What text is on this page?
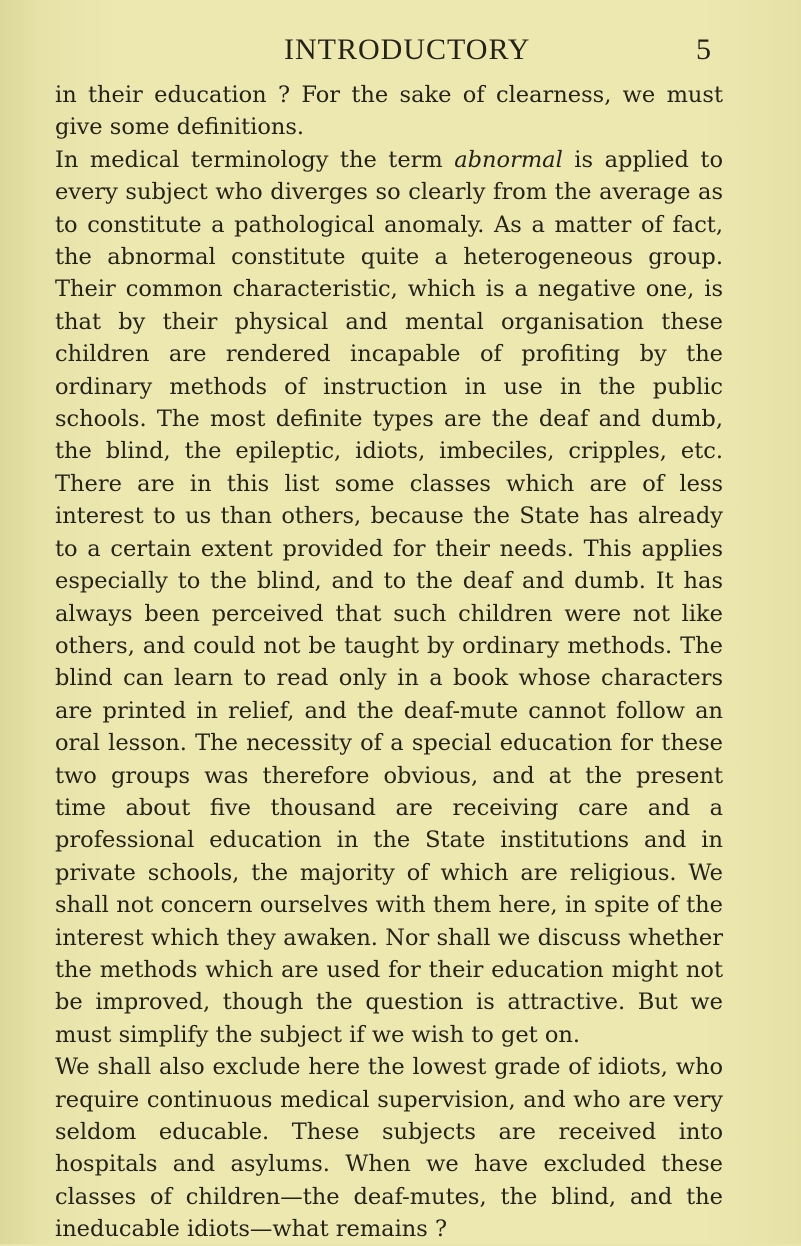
INTRODUCTORY	5

in their education ? For the sake of clearness, we must give some definitions.

In medical terminology the term abnormal is applied to every subject who diverges so clearly from the average as to constitute a pathological anomaly. As a matter of fact, the abnormal constitute quite a heterogeneous group. Their common characteristic, which is a negative one, is that by their physical and mental organisation these children are rendered incapable of profiting by the ordinary methods of instruction in use in the public schools. The most definite types are the deaf and dumb, the blind, the epileptic, idiots, imbeciles, cripples, etc. There are in this list some classes which are of less interest to us than others, because the State has already to a certain extent provided for their needs. This applies especially to the blind, and to the deaf and dumb. It has always been perceived that such children were not like others, and could not be taught by ordinary methods. The blind can learn to read only in a book whose characters are printed in relief, and the deaf-mute cannot follow an oral lesson. The necessity of a special education for these two groups was therefore obvious, and at the present time about five thousand are receiving care and a professional education in the State institutions and in private schools, the majority of which are religious. We shall not concern ourselves with them here, in spite of the interest which they awaken. Nor shall we discuss whether the methods which are used for their education might not be improved, though the question is attractive. But we must simplify the subject if we wish to get on.

We shall also exclude here the lowest grade of idiots, who require continuous medical supervision, and who are very seldom educable. These subjects are received into hospitals and asylums. When we have excluded these classes of children—the deaf-mutes, the blind, and the ineducable idiots—what remains ?
